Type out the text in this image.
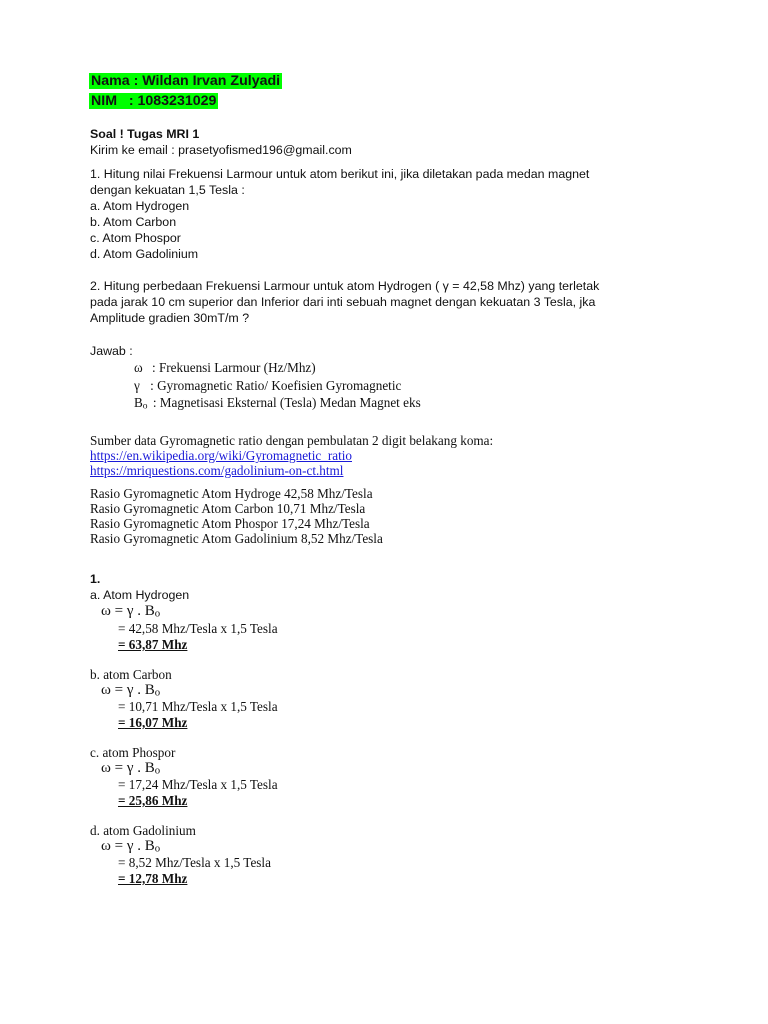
Nama : Wildan Irvan Zulyadi
NIM   : 1083231029
Soal ! Tugas MRI 1
Kirim ke email : prasetyofismed196@gmail.com
1. Hitung nilai Frekuensi Larmour untuk atom berikut ini, jika diletakan pada medan magnet
dengan kekuatan 1,5 Tesla :
a. Atom Hydrogen
b. Atom Carbon
c. Atom Phospor
d. Atom Gadolinium
2. Hitung perbedaan Frekuensi Larmour untuk atom Hydrogen ( γ = 42,58 Mhz) yang terletak
pada jarak 10 cm superior dan Inferior dari inti sebuah magnet dengan kekuatan 3 Tesla, jka
Amplitude gradien 30mT/m ?
Jawab :
ω : Frekuensi Larmour (Hz/Mhz)
γ : Gyromagnetic Ratio/ Koefisien Gyromagnetic
Bo : Magnetisasi Eksternal (Tesla) Medan Magnet eks
Sumber data Gyromagnetic ratio dengan pembulatan 2 digit belakang koma:
https://en.wikipedia.org/wiki/Gyromagnetic_ratio
https://mriquestions.com/gadolinium-on-ct.html
Rasio Gyromagnetic Atom Hydroge 42,58 Mhz/Tesla
Rasio Gyromagnetic Atom Carbon 10,71 Mhz/Tesla
Rasio Gyromagnetic Atom Phospor 17,24 Mhz/Tesla
Rasio Gyromagnetic Atom Gadolinium 8,52 Mhz/Tesla
1.
a. Atom Hydrogen
ω = γ . Bo
= 42,58 Mhz/Tesla x 1,5 Tesla
= 63,87 Mhz
b. atom Carbon
ω = γ . Bo
= 10,71 Mhz/Tesla x 1,5 Tesla
= 16,07 Mhz
c. atom Phospor
ω = γ . Bo
= 17,24 Mhz/Tesla x 1,5 Tesla
= 25,86 Mhz
d. atom Gadolinium
ω = γ . Bo
= 8,52 Mhz/Tesla x 1,5 Tesla
= 12,78 Mhz
